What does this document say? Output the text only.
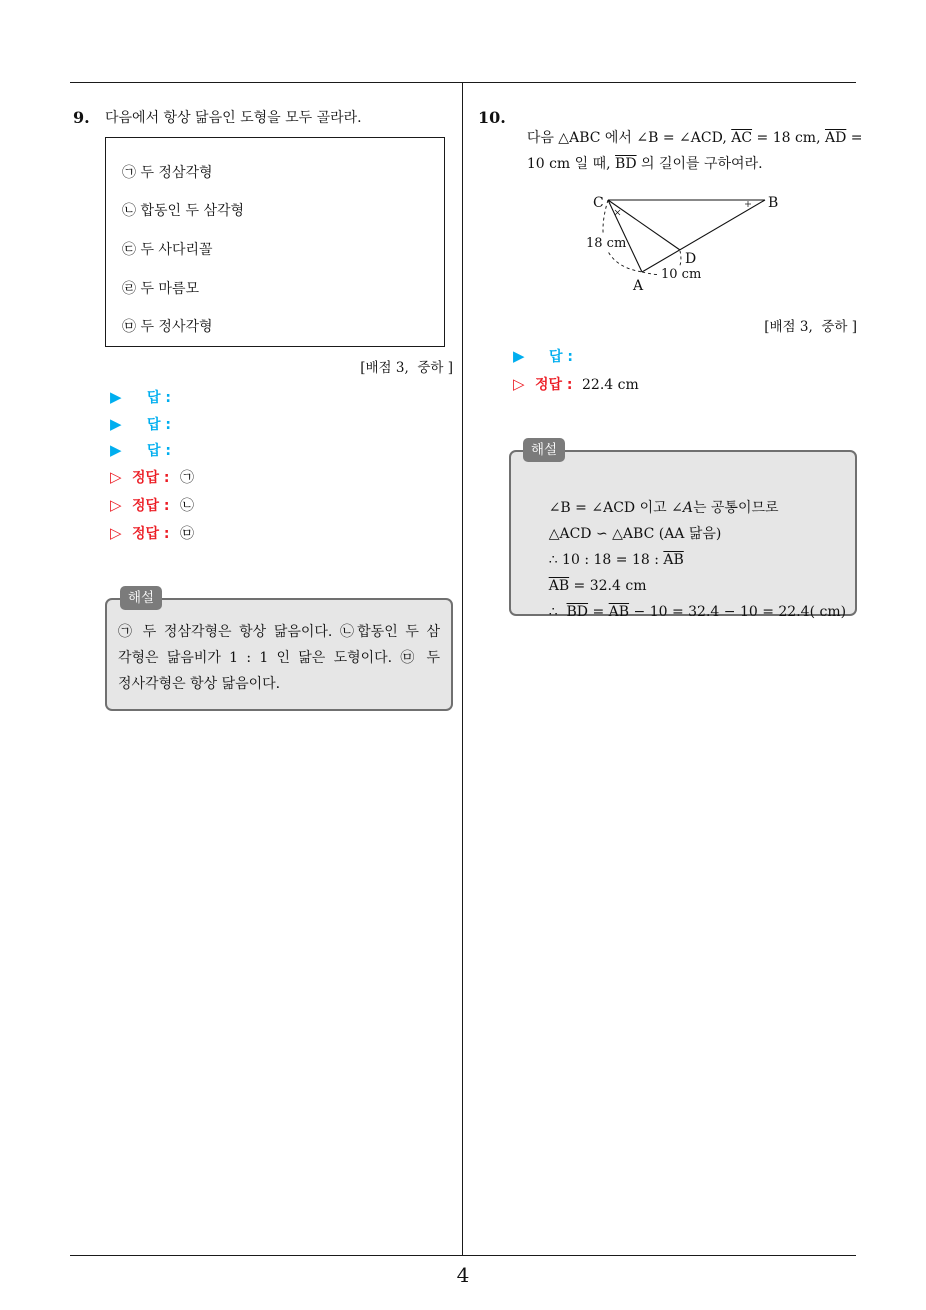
9. 다음에서 항상 닮음인 도형을 모두 골라라.
㉠ 두 정삼각형
㉡ 합동인 두 삼각형
㉢ 두 사다리꼴
㉣ 두 마름모
㉤ 두 정사각형
[배점 3,  중하 ]
▶ 답 :
▶ 답 :
▶ 답 :
▷ 정답 : ㉠
▷ 정답 : ㉡
▷ 정답 : ㉤
해설
㉠ 두 정삼각형은 항상 닮음이다. ㉡합동인 두 삼
각형은 닮음비가 1 : 1 인 닮은 도형이다. ㉤ 두
정사각형은 항상 닮음이다.
10.

다음 △ABC 에서 ∠B = ∠ACD, $\overline{AC} = 18$ cm, $\overline{AD}$ =

10 cm 일 때, $\overline{BD}$ 의 길이를 구하여라.

18 cm
10 cm
C	B
D
A
[배점 3,  중하 ]
▶ 답 :
▷ 정답 : 22.4 cm
해설

∠B = ∠ACD 이고 ∠A는 공통이므로

△ACD ∽ △ABC (AA 닮음)

∴ 10 : 18 = 18 : $\overline{AB}$

$\overline{AB} = 32.4$ cm

∴  $\overline{BD} = \overline{AB} - 10 = 32.4 - 10 = 22.4$( cm)

4
